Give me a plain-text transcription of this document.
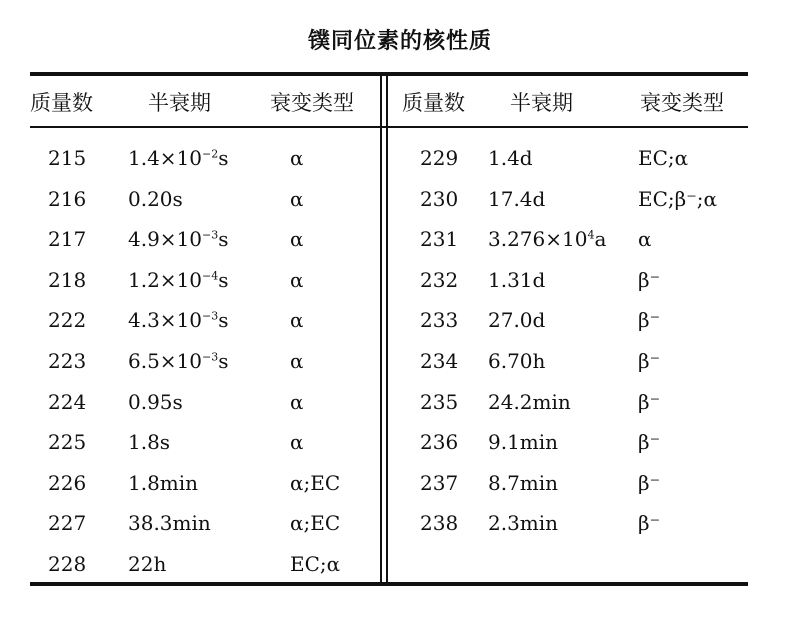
镤同位素的核性质
质量数	半衰期	衰变类型 质量数 半衰期	衰变类型
215 $1.4\times 10^{-2}s$	α
216 0.20s	α
217 $4.9\times 10^{-3}s$	α
218 $1.2\times 10^{-4}s$	α
222 $4.3\times 10^{-3}s$	α
223 $6.5\times 10^{-3}s$	α
224 0.95s	α
225 1.8s	α
226 1.8min	α;EC
227 38.3min	α;EC
228 22h	EC;α
229 1.4d	EC;α
230 17.4d	EC;β⁻;α
231 $3.276\times 10^4a$ α
232 1.31d	β⁻
233 27.0d	β⁻
234 6.70h	β⁻
235 24.2min	β⁻
236 9.1min	β⁻
237 8.7min	β⁻
238 2.3min	β⁻
